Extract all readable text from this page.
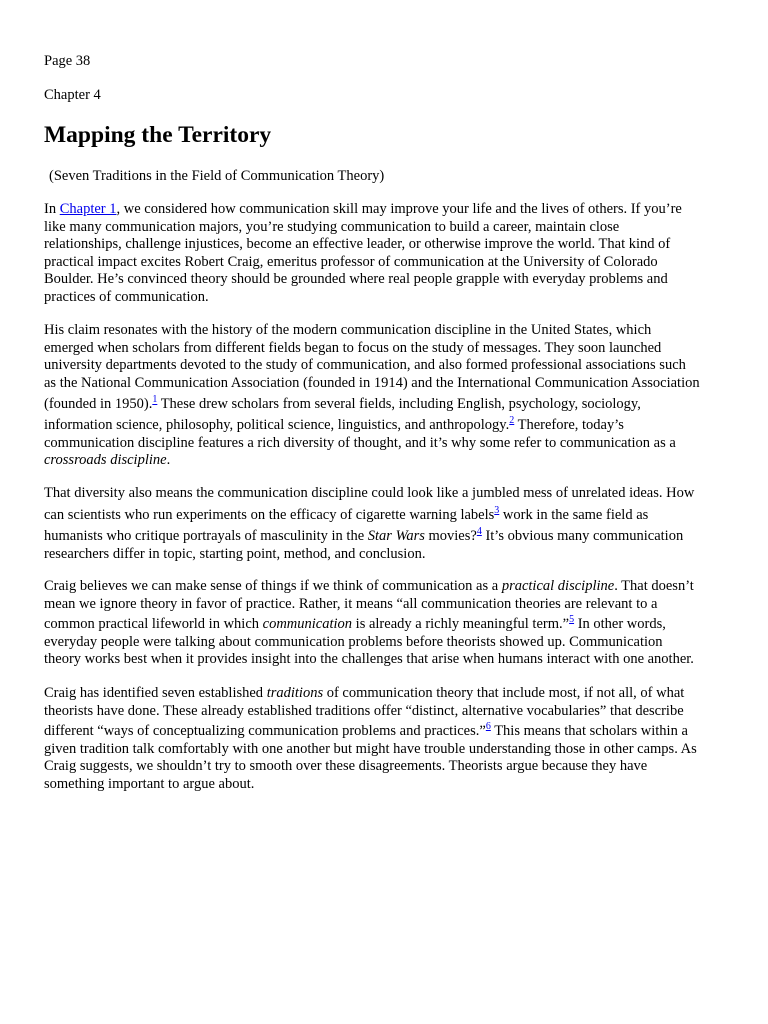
Page 38

Chapter 4

Mapping the Territory

(Seven Traditions in the Field of Communication Theory)

In Chapter 1, we considered how communication skill may improve your life and the lives of others. If you’re
like many communication majors, you’re studying communication to build a career, maintain close
relationships, challenge injustices, become an effective leader, or otherwise improve the world. That kind of
practical impact excites Robert Craig, emeritus professor of communication at the University of Colorado
Boulder. He’s convinced theory should be grounded where real people grapple with everyday problems and
practices of communication.
His claim resonates with the history of the modern communication discipline in the United States, which
emerged when scholars from different fields began to focus on the study of messages. They soon launched
university departments devoted to the study of communication, and also formed professional associations such
as the National Communication Association (founded in 1914) and the International Communication Association
(founded in 1950).$^1$ These drew scholars from several fields, including English, psychology, sociology,
information science, philosophy, political science, linguistics, and anthropology.$^2$ Therefore, today’s
communication discipline features a rich diversity of thought, and it’s why some refer to communication as a
crossroads discipline.
That diversity also means the communication discipline could look like a jumbled mess of unrelated ideas. How
can scientists who run experiments on the efficacy of cigarette warning labels$^3$ work in the same field as
humanists who critique portrayals of masculinity in the Star Wars movies?$^4$ It’s obvious many communication
researchers differ in topic, starting point, method, and conclusion.
Craig believes we can make sense of things if we think of communication as a practical discipline. That doesn’t
mean we ignore theory in favor of practice. Rather, it means “all communication theories are relevant to a
common practical lifeworld in which communication is already a richly meaningful term.”$^5$ In other words,
everyday people were talking about communication problems before theorists showed up. Communication
theory works best when it provides insight into the challenges that arise when humans interact with one another.
Craig has identified seven established traditions of communication theory that include most, if not all, of what
theorists have done. These already established traditions offer “distinct, alternative vocabularies” that describe
different “ways of conceptualizing communication problems and practices.”$^6$ This means that scholars within a
given tradition talk comfortably with one another but might have trouble understanding those in other camps. As
Craig suggests, we shouldn’t try to smooth over these disagreements. Theorists argue because they have
something important to argue about.
